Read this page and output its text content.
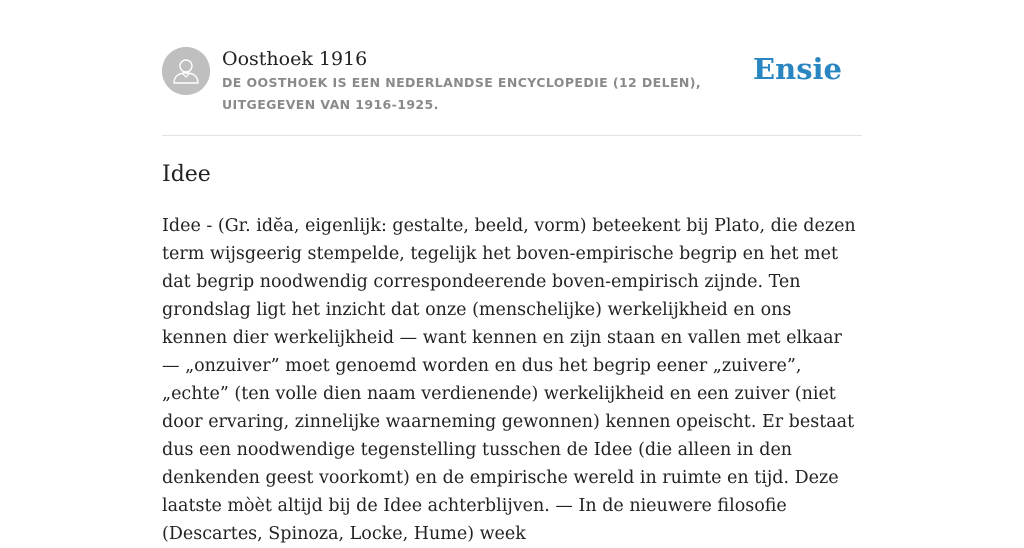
Oosthoek 1916

DE OOSTHOEK IS EEN NEDERLANDSE ENCYCLOPEDIE (12 DELEN), UITGEGEVEN VAN 1916-1925.

Ensie
Idee

Idee - (Gr. idĕa, eigenlijk: gestalte, beeld, vorm) beteekent bij Plato, die dezen term wijsgeerig stempelde, tegelijk het boven-empirische begrip en het met dat begrip noodwendig correspondeerende boven-empirisch zijnde. Ten grondslag ligt het inzicht dat onze (menschelijke) werkelijkheid en ons kennen dier werkelijkheid — want kennen en zijn staan en vallen met elkaar — „onzuiver” moet genoemd worden en dus het begrip eener „zuivere”, „echte” (ten volle dien naam verdienende) werkelijkheid en een zuiver (niet door ervaring, zinnelijke waarneming gewonnen) kennen opeischt. Er bestaat dus een noodwendige tegenstelling tusschen de Idee (die alleen in den denkenden geest voorkomt) en de empirische wereld in ruimte en tijd. Deze laatste mòèt altijd bij de Idee achterblijven. — In de nieuwere filosofie (Descartes, Spinoza, Locke, Hume) week
